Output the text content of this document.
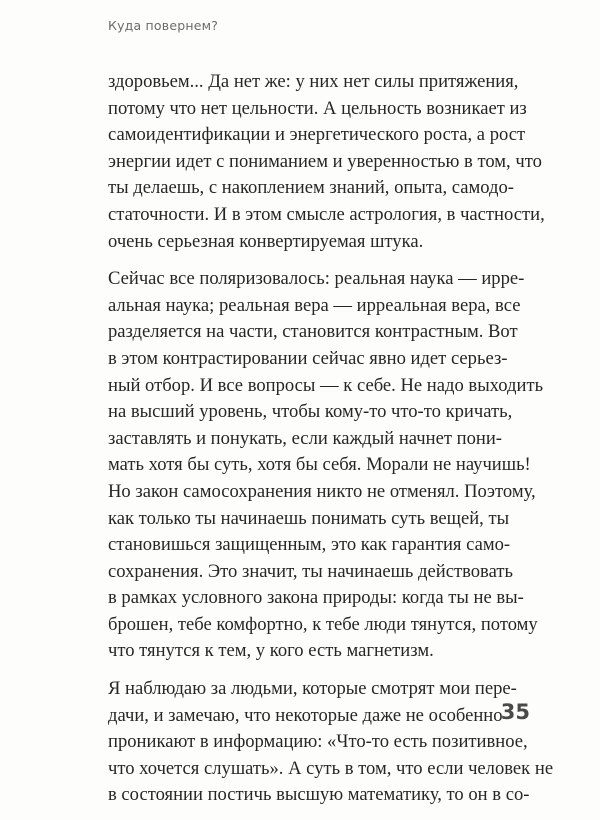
Куда повернем?

здоровьем... Да нет же: у них нет силы притяжения,
потому что нет цельности. А цельность возникает из
самоидентификации и энергетического роста, а рост
энергии идет с пониманием и уверенностью в том, что
ты делаешь, с накоплением знаний, опыта, самодо-
статочности. И в этом смысле астрология, в частности,
очень серьезная конвертируемая штука.

Сейчас все поляризовалось: реальная наука — ирре-
альная наука; реальная вера — ирреальная вера, все
разделяется на части, становится контрастным. Вот
в этом контрастировании сейчас явно идет серьез-
ный отбор. И все вопросы — к себе. Не надо выходить
на высший уровень, чтобы кому-то что-то кричать,
заставлять и понукать, если каждый начнет пони-
мать хотя бы суть, хотя бы себя. Морали не научишь!
Но закон самосохранения никто не отменял. Поэтому,
как только ты начинаешь понимать суть вещей, ты
становишься защищенным, это как гарантия само-
сохранения. Это значит, ты начинаешь действовать
в рамках условного закона природы: когда ты не вы-
брошен, тебе комфортно, к тебе люди тянутся, потому
что тянутся к тем, у кого есть магнетизм.

Я наблюдаю за людьми, которые смотрят мои пере-
дачи, и замечаю, что некоторые даже не особенно
проникают в информацию: «Что-то есть позитивное,
что хочется слушать». А суть в том, что если человек не
в состоянии постичь высшую математику, то он в со-

35
